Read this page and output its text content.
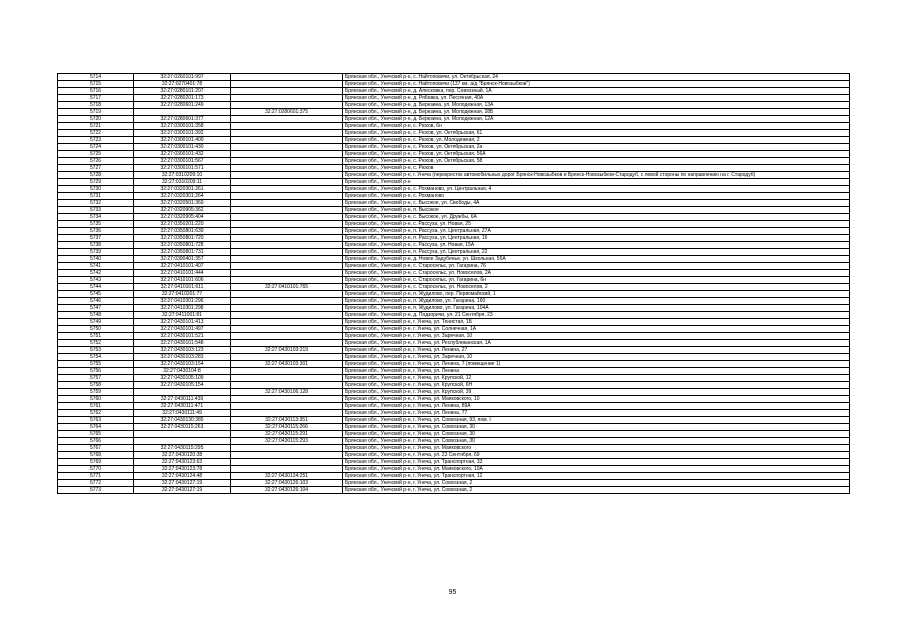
5714	32:27:0260101:997		Брянская обл., Унечский р-н, с. Найтоповичи, ул. Октябрьская, 24
5715	32:27:0270401:78		Брянская обл., Унечский р-н, с. Найтоповичи (137 км. а/д "Брянск-Новозыбков")
5716	32:27:0280101:207		Брянская обл., Унечский р-н, д. Алесковка, пер. Совхозный, 1А
5717	32:27:0280201:173		Брянская обл., Унечский р-н, д. Рябовка, ул. Песочная, 40А
5718	32:27:0280601:249		Брянская обл., Унечский р-н, д. Березина, ул. Молодежная, 13А
5719		32:27:0280601:375	Брянская обл., Унечский р-н, д. Березина, ул. Молодежная, 28Б
5720	32:27:0280601:377		Брянская обл., Унечский р-н, д. Березина, ул. Молодежная, 12А
5721	32:27:0300101:358		Брянская обл., Унечский р-н, с. Рюхов, 6н
5722	32:27:0300101:392		Брянская обл., Унечский р-н, с. Рюхов, ул. Октябрьская, 61
5723	32:27:0300101:400		Брянская обл., Унечский р-н, с. Рюхов, ул. Молодежная, 2
5724	32:27:0300101:430		Брянская обл., Унечский р-н, с. Рюхов, ул. Октябрьская, 2а
5725	32:27:0300101:432		Брянская обл., Унечский р-н, с. Рюхов, ул. Октябрьская, 56А
5726	32:27:0300101:567		Брянская обл., Унечский р-н, с. Рюхов, ул. Октябрьская, 58
5727	32:27:0300101:571		Брянская обл., Унечский р-н, с. Рюхов
5728	32:27:0310209:10		Брянская обл., Унечский р-н, г. Унеча (перекресток автомобильных дорог Брянск-Новозыбков и Брянск-Новозыбков-Стародуб, с левой стороны по направлению на г. Стародуб)
5729	32:27:0310209:11		Брянская обл., Унечский р-н
5730	32:27:0320301:261		Брянская обл., Унечский р-н, с. Рохманово, ул. Центральная, 4
5731	32:27:0320301:264		Брянская обл., Унечский р-н, с. Рохманово
5732	32:27:0320501:369		Брянская обл., Унечский р-н, с. Высокое, ул. Свободы, 4А
5733	32:27:0320905:362		Брянская обл., Унечский р-н, п. Высокое
5734	32:27:0320905:404		Брянская обл., Унечский р-н, с. Высокое, ул. Дружбы, 6А
5735	32:27:0350201:220		Брянская обл., Унечский р-н, с. Рассуха, ул. Новая, 25
5736	32:27:0350801:639		Брянская обл., Унечский р-н, п. Рассуха, ул. Центральная, 27А
5737	32:27:0350801:720		Брянская обл., Унечский р-н, п. Рассуха, ул. Центральная, 16
5738	32:27:0350801:728		Брянская обл., Унечский р-н, с. Рассуха, ул. Новая, 15А
5739	32:27:0350801:731		Брянская обл., Унечский р-н, п. Рассуха, ул. Центральная, 22
5740	32:27:0390401:357		Брянская обл., Унечский р-н, д. Новое Задубенье, ул. Школьная, 55А
5741	32:27:0410101:407		Брянская обл., Унечский р-н, с. Старосельє, ул. Гагарина, 76
5742	32:27:0410101:444		Брянская обл., Унечский р-н, с. Старосельє, ул. Новоселов, 2А
5743	32:27:0410101:606		Брянская обл., Унечский р-н, с. Старосельє, ул. Гагарина, 6н
5744	32:27:0410101:611	32:27:0410101:765	Брянская обл., Унечский р-н, с. Старосельє, ул. Новоселов, 2
5745	32:27:0410201:77		Брянская обл., Унечский р-н, п. Жудилово, пер. Первомайский, 1
5746	32:27:0410301:296		Брянская обл., Унечский р-н, п. Жудилово, ул. Гагарина, 160
5747	32:27:0410301:298		Брянская обл., Унечский р-н, п. Жудилово, ул. Гагарина, 104А
5748	32:27:0411001:81		Брянская обл., Унечский р-н, д. Подзоричи, ул. 21 Сентября, 23
5749	32:27:0430101:413		Брянская обл., Унечский р-н, г. Унеча, ул. Тенистая, 1Б
5750	32:27:0430101:497		Брянская обл., Унечский р-н, г. Унеча, ул. Солнечная, 1А
5751	32:27:0430101:521		Брянская обл., Унечский р-н, г. Унеча, ул. Заречная, 10
5752	32:27:0430101:548		Брянская обл., Унечский р-н, г. Унеча, ул. Республиканская, 1А
5753	32:27:0430103:123	32:27:0430103:219	Брянская обл., Унечский р-н, г. Унеча, ул. Ленина, 27
5754	32:27:0430103:283		Брянская обл., Унечский р-н, г. Унеча, ул. Заречная, 10
5755	32:27:0430103:154	32:27:0430103:301	Брянская обл., Унечский р-н, г. Унеча, ул. Ленина, 7 (помещение 1)
5756	32:27:0430104:8		Брянская обл., Унечский р-н, г. Унеча, ул. Ленина
5757	32:27:0430105:109		Брянская обл., Унечский р-н, г. Унеча, ул. Крупской, 12
5758	32:27:0430105:154		Брянская обл., Унечский р-н, г. Унеча, ул. Крупской, 6Н
5759		32:27:0430106:128	Брянская обл., Унечский р-н, г. Унеча, ул. Крупской, 39
5760	32:27:0430111:439		Брянская обл., Унечский р-н, г. Унеча, ул. Маяковского, 10
5761	32:27:0430111:471		Брянская обл., Унечский р-н, г. Унеча, ул. Ленина, 89А
5762	32:27:0430111:49		Брянская обл., Унечский р-н, г. Унеча, ул. Ленина, 77
5763	32:27:0430130:385	32:27:0430113:351	Брянская обл., Унечский р-н, г. Унеча, ул. Совхозная, 93, пом. I
5764	32:27:0430115:263	32:27:0430115:266	Брянская обл., Унечский р-н, г. Унеча, ул. Совхозная, 30
5765		32:27:0430115:291	Брянская обл., Унечский р-н, г. Унеча, ул. Совхозная, 30
5766		32:27:0430115:293	Брянская обл., Унечский р-н, г. Унеча, ул. Совхозная, 30
5767	32:27:0430115:295		Брянская обл., Унечский р-н, г. Унеча, ул. Маяковского
5768	32:27:0430120:38		Брянская обл., Унечский р-н, г. Унеча, ул. 23 Сентября, 69
5769	32:27:0430123:63		Брянская обл., Унечский р-н, г. Унеча, ул. Транспортная, 33
5770	32:27:0430123:78		Брянская обл., Унечский р-н, г. Унеча, ул. Маяковского, 10А
5771	32:27:0430124:48	32:27:0430124:251	Брянская обл., Унечский р-н, г. Унеча, ул. Транспортная, 12
5772	32:27:0430127:19	32:27:0430126:103	Брянская обл., Унечский р-н, г. Унеча, ул. Совхозная, 2
5773	32:27:0430127:19	32:27:0430126:104	Брянская обл., Унечский р-н, г. Унеча, ул. Совхозная, 2
95
